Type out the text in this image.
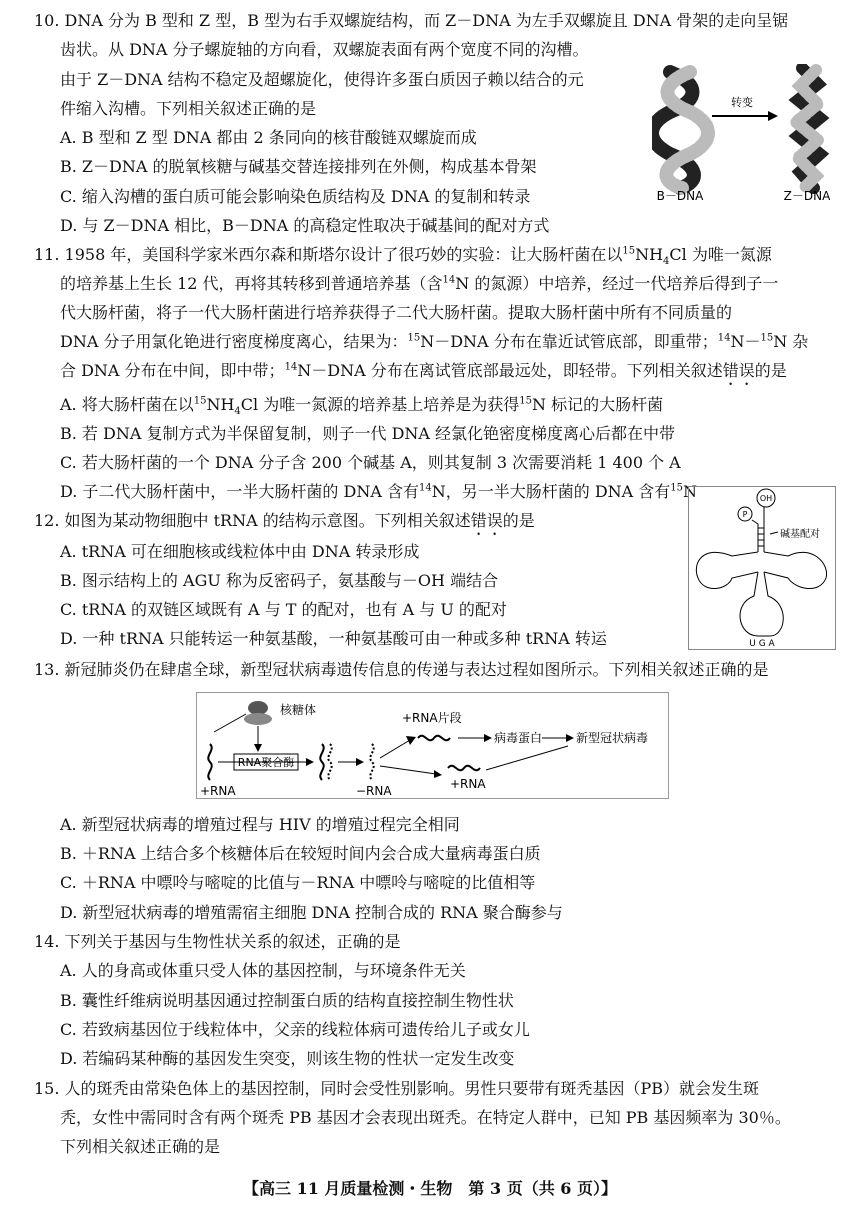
10. DNA 分为 B 型和 Z 型，B 型为右手双螺旋结构，而 Z－DNA 为左手双螺旋且 DNA 骨架的走向呈锯
齿状。从 DNA 分子螺旋轴的方向看，双螺旋表面有两个宽度不同的沟槽。
由于 Z－DNA 结构不稳定及超螺旋化，使得许多蛋白质因子赖以结合的元
件缩入沟槽。下列相关叙述正确的是
A. B 型和 Z 型 DNA 都由 2 条同向的核苷酸链双螺旋而成
B. Z－DNA 的脱氧核糖与碱基交替连接排列在外侧，构成基本骨架
C. 缩入沟槽的蛋白质可能会影响染色质结构及 DNA 的复制和转录
D. 与 Z－DNA 相比，B－DNA 的高稳定性取决于碱基间的配对方式
转变
B－DNA	Z－DNA
11. 1958 年，美国科学家米西尔森和斯塔尔设计了很巧妙的实验：让大肠杆菌在以$^{15}NH_4Cl$ 为唯一氮源
的培养基上生长 12 代，再将其转移到普通培养基（含$^{14}$N 的氮源）中培养，经过一代培养后得到子一
代大肠杆菌，将子一代大肠杆菌进行培养获得子二代大肠杆菌。提取大肠杆菌中所有不同质量的
DNA 分子用氯化铯进行密度梯度离心，结果为：$^{15}$N－DNA 分布在靠近试管底部，即重带；$^{14}$N－$^{15}$N 杂
合 DNA 分布在中间，即中带；$^{14}$N－DNA 分布在离试管底部最远处，即轻带。下列相关叙述错误的是
A. 将大肠杆菌在以$^{15}NH_4Cl$ 为唯一氮源的培养基上培养是为获得$^{15}$N 标记的大肠杆菌
B. 若 DNA 复制方式为半保留复制，则子一代 DNA 经氯化铯密度梯度离心后都在中带
C. 若大肠杆菌的一个 DNA 分子含 200 个碱基 A，则其复制 3 次需要消耗 1 400 个 A
D. 子二代大肠杆菌中，一半大肠杆菌的 DNA 含有$^{14}$N，另一半大肠杆菌的 DNA 含有$^{15}$N
12. 如图为某动物细胞中 tRNA 的结构示意图。下列相关叙述错误的是
A. tRNA 可在细胞核或线粒体中由 DNA 转录形成
B. 图示结构上的 AGU 称为反密码子，氨基酸与－OH 端结合
C. tRNA 的双链区域既有 A 与 T 的配对，也有 A 与 U 的配对
D. 一种 tRNA 只能转运一种氨基酸，一种氨基酸可由一种或多种 tRNA 转运
OH
P
碱基配对
U G A
13. 新冠肺炎仍在肆虐全球，新型冠状病毒遗传信息的传递与表达过程如图所示。下列相关叙述正确的是
核糖体
+RNA
RNA聚合酶
−RNA
+RNA片段
病毒蛋白
+RNA
新型冠状病毒
A. 新型冠状病毒的增殖过程与 HIV 的增殖过程完全相同
B. ＋RNA 上结合多个核糖体后在较短时间内会合成大量病毒蛋白质
C. ＋RNA 中嘌呤与嘧啶的比值与－RNA 中嘌呤与嘧啶的比值相等
D. 新型冠状病毒的增殖需宿主细胞 DNA 控制合成的 RNA 聚合酶参与
14. 下列关于基因与生物性状关系的叙述，正确的是
A. 人的身高或体重只受人体的基因控制，与环境条件无关
B. 囊性纤维病说明基因通过控制蛋白质的结构直接控制生物性状
C. 若致病基因位于线粒体中，父亲的线粒体病可遗传给儿子或女儿
D. 若编码某种酶的基因发生突变，则该生物的性状一定发生改变
15. 人的斑秃由常染色体上的基因控制，同时会受性别影响。男性只要带有斑秃基因（PB）就会发生斑
秃，女性中需同时含有两个斑秃 PB 基因才会表现出斑秃。在特定人群中，已知 PB 基因频率为 30％。
下列相关叙述正确的是
【高三 11 月质量检测・生物　第 3 页（共 6 页）】
